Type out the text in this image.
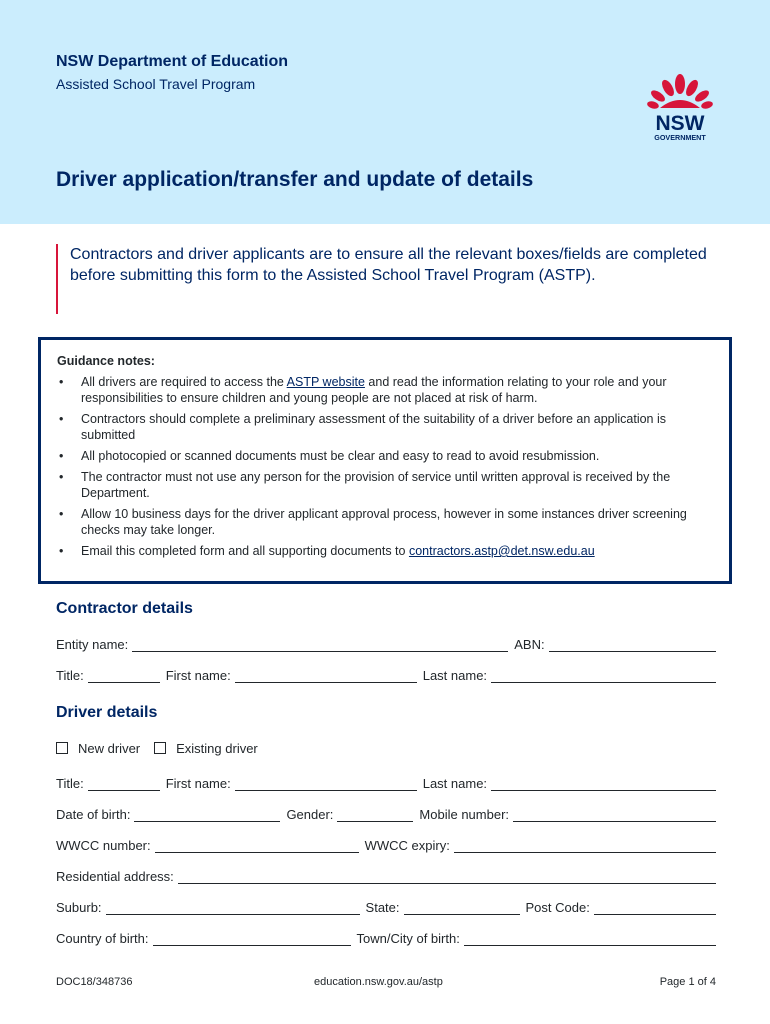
NSW Department of Education
Assisted School Travel Program
NSW
GOVERNMENT
Driver application/transfer and update of details
Contractors and driver applicants are to ensure all the relevant boxes/fields are completed before submitting this form to the Assisted School Travel Program (ASTP).
Guidance notes:
• All drivers are required to access the ASTP website and read the information relating to your role and your responsibilities to ensure children and young people are not placed at risk of harm.
• Contractors should complete a preliminary assessment of the suitability of a driver before an application is submitted
• All photocopied or scanned documents must be clear and easy to read to avoid resubmission.
• The contractor must not use any person for the provision of service until written approval is received by the Department.
• Allow 10 business days for the driver applicant approval process, however in some instances driver screening checks may take longer.
• Email this completed form and all supporting documents to contractors.astp@det.nsw.edu.au
Contractor details
Entity name:	ABN:
Title:	First name:	Last name:
Driver details
New driver	Existing driver
Title:	First name:	Last name:
Date of birth:	Gender:	Mobile number:
WWCC number:	WWCC expiry:
Residential address:
Suburb:	State:	Post Code:
Country of birth:	Town/City of birth:
DOC18/348736	education.nsw.gov.au/astp	Page 1 of 4
